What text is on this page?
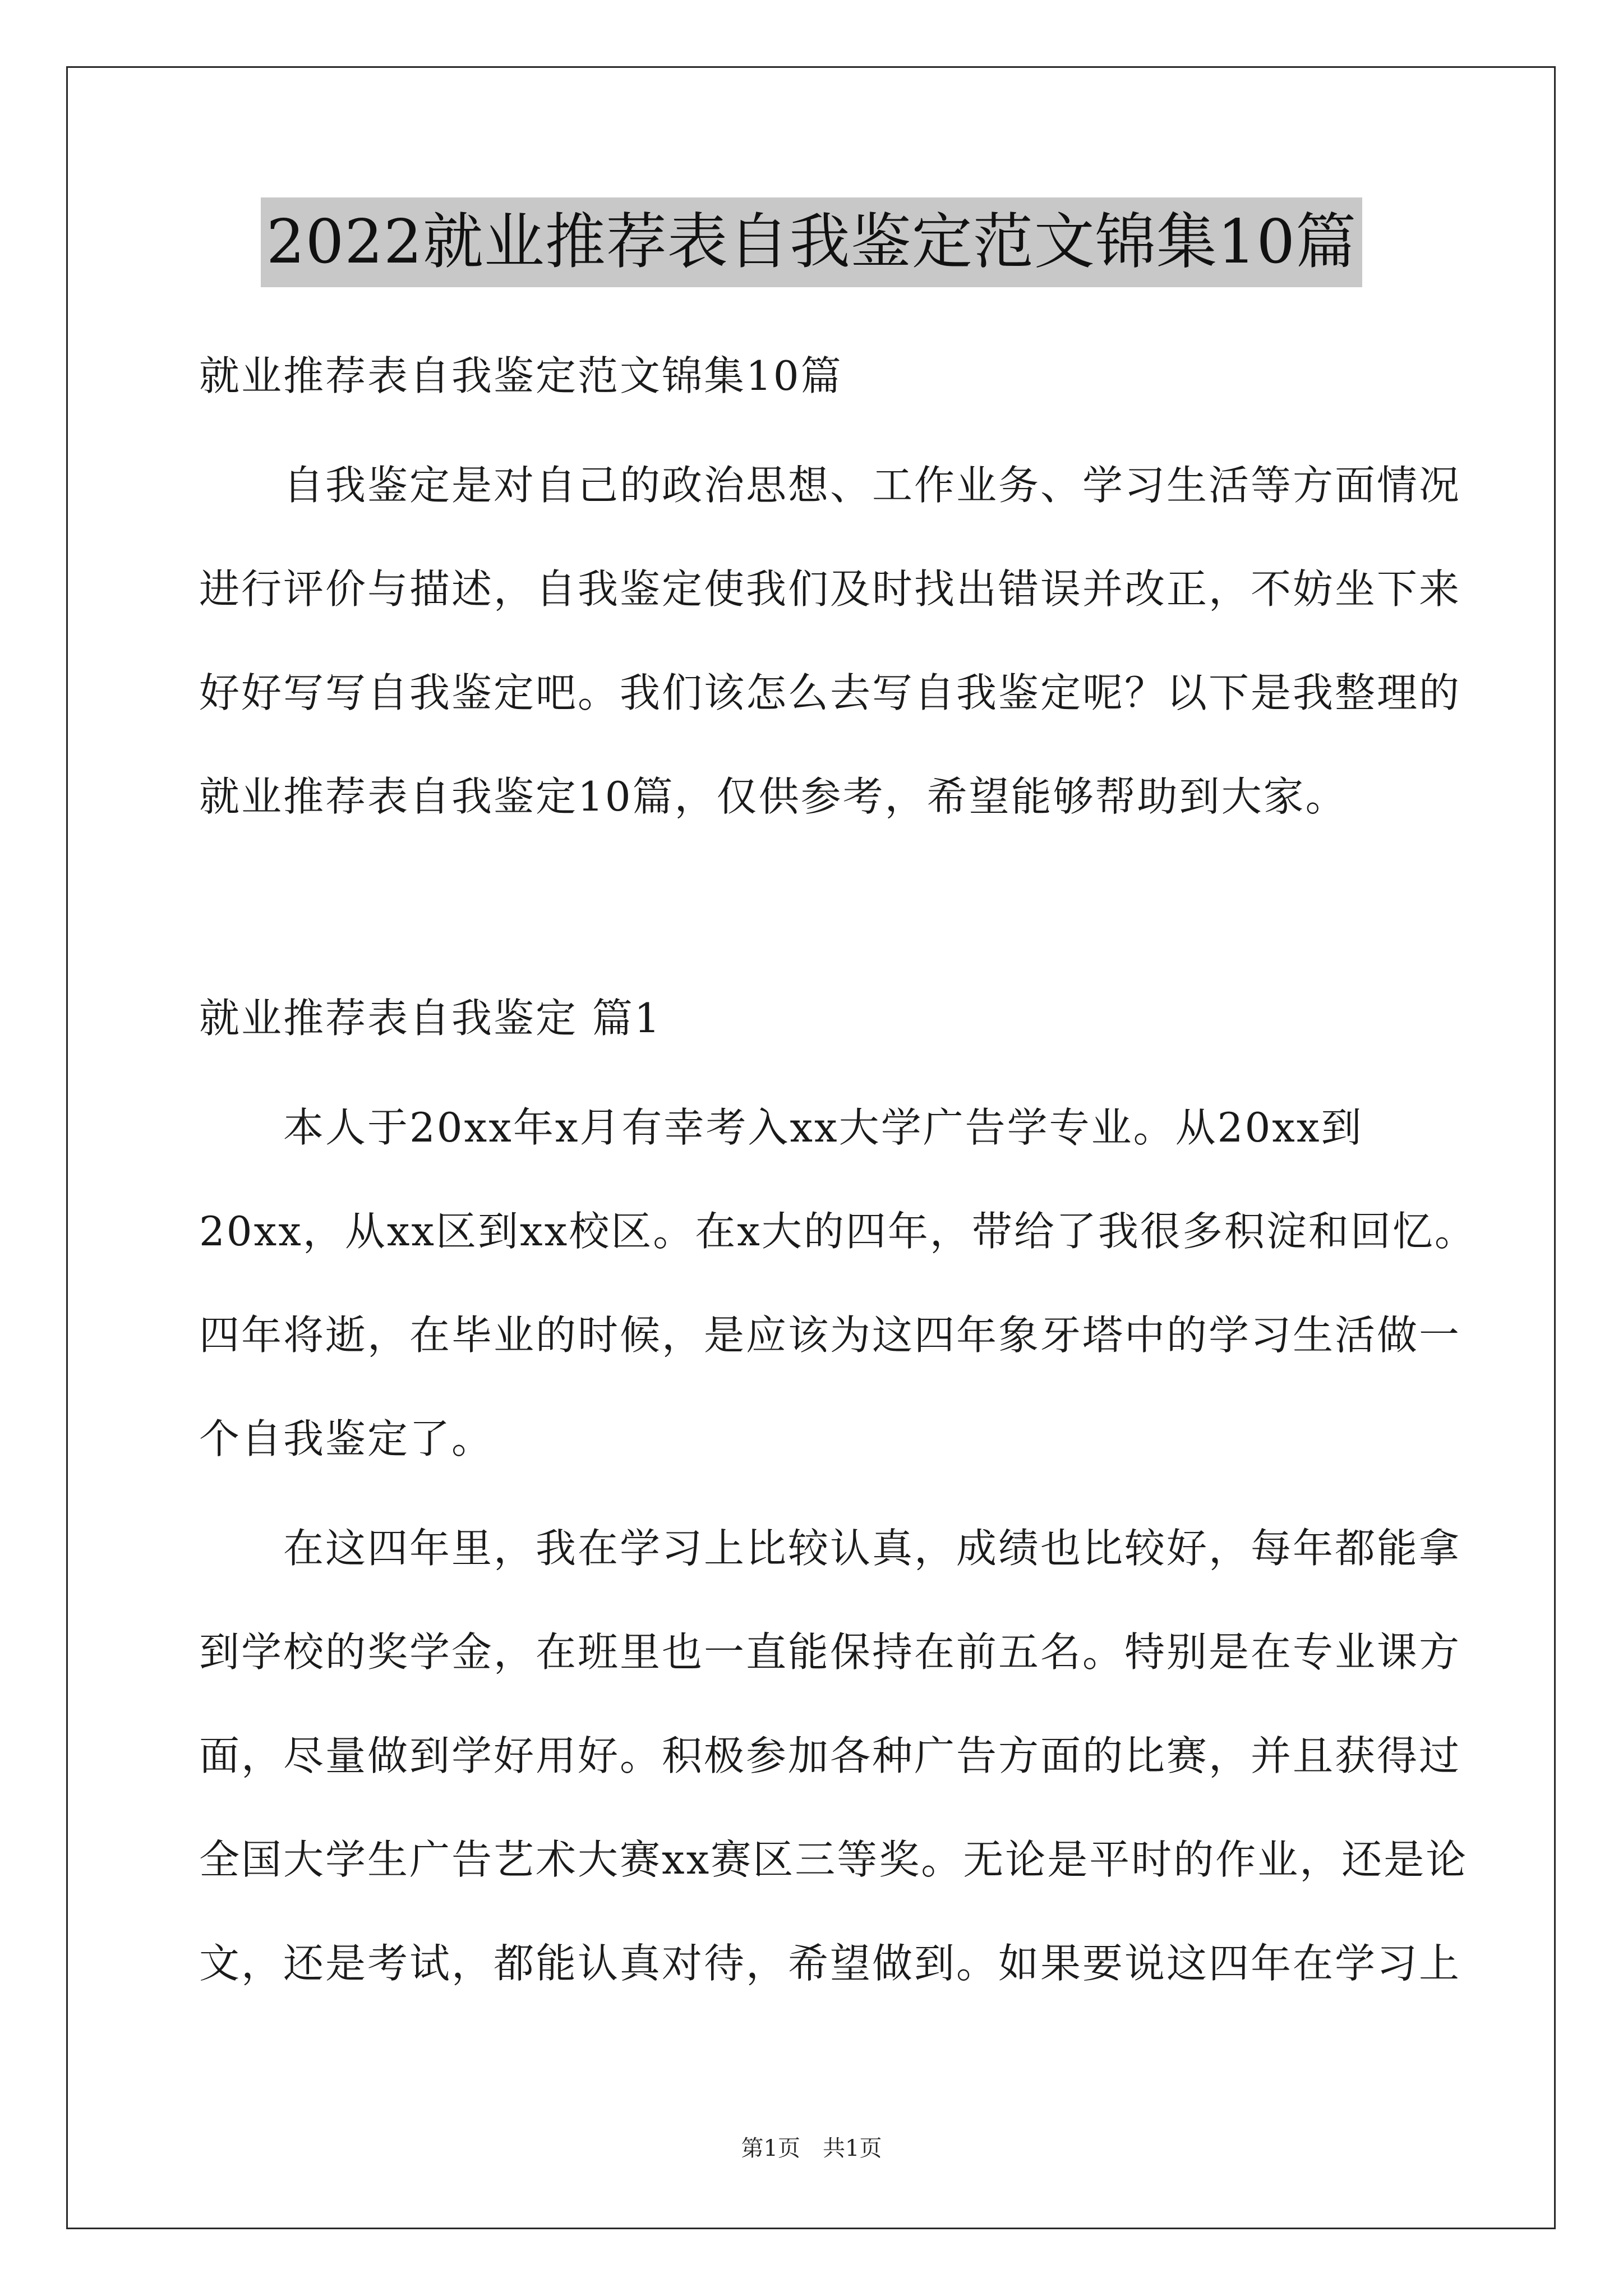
2022就业推荐表自我鉴定范文锦集10篇
就业推荐表自我鉴定范文锦集10篇
　　自我鉴定是对自己的政治思想、工作业务、学习生活等方面情况
进行评价与描述，自我鉴定使我们及时找出错误并改正，不妨坐下来
好好写写自我鉴定吧。我们该怎么去写自我鉴定呢？以下是我整理的
就业推荐表自我鉴定10篇，仅供参考，希望能够帮助到大家。
就业推荐表自我鉴定 篇1
　　本人于20xx年x月有幸考入xx大学广告学专业。从20xx到
20xx，从xx区到xx校区。在x大的四年，带给了我很多积淀和回忆。
四年将逝，在毕业的时候，是应该为这四年象牙塔中的学习生活做一
个自我鉴定了。
　　在这四年里，我在学习上比较认真，成绩也比较好，每年都能拿
到学校的奖学金，在班里也一直能保持在前五名。特别是在专业课方
面，尽量做到学好用好。积极参加各种广告方面的比赛，并且获得过
全国大学生广告艺术大赛xx赛区三等奖。无论是平时的作业，还是论
文，还是考试，都能认真对待，希望做到。如果要说这四年在学习上
第1页　共1页
